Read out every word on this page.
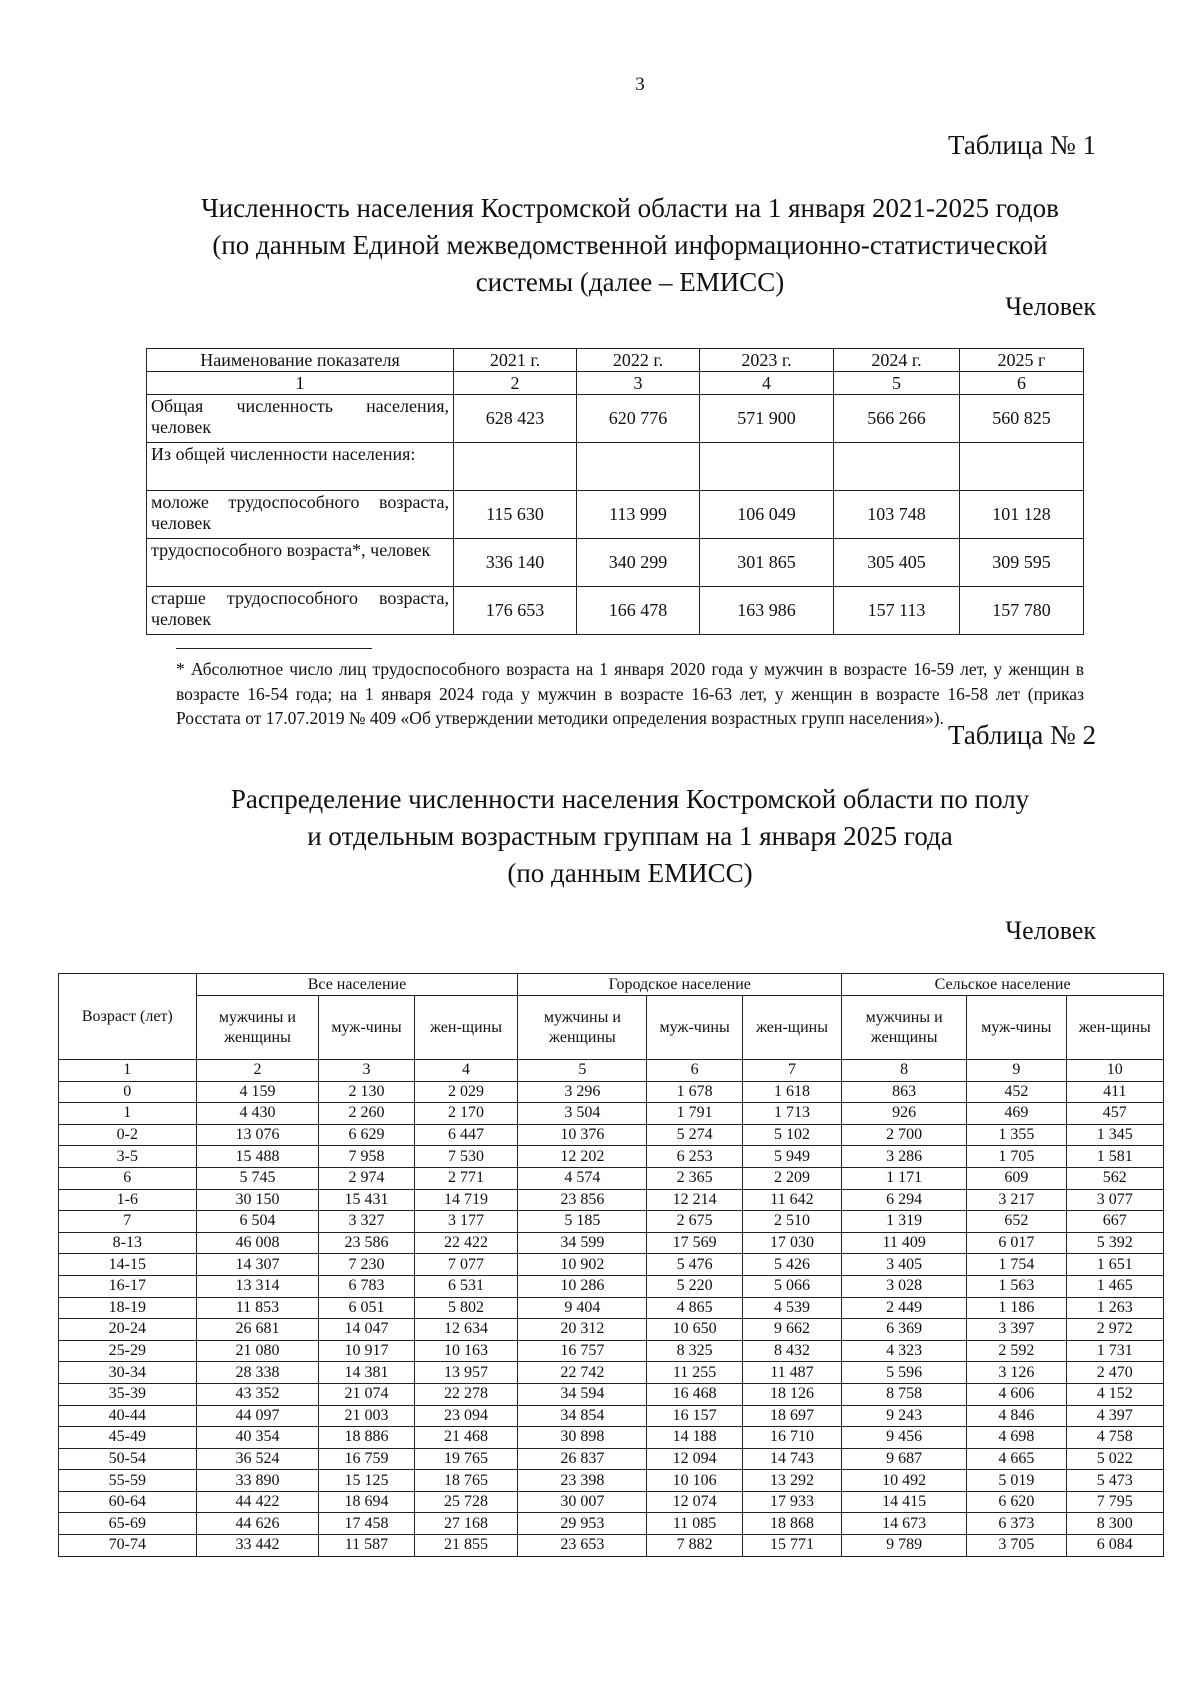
3
Таблица № 1
Численность населения Костромской области на 1 января 2021-2025 годов
(по данным Единой межведомственной информационно-статистической
системы (далее – ЕМИСС)
Человек
Наименование показателя	2021 г.	2022 г.	2023 г.	2024 г.	2025 г
1	2	3	4	5	6
Общая численность населения, человек	628 423	620 776	571 900	566 266	560 825
Из общей численности населения:					
моложе трудоспособного возраста, человек	115 630	113 999	106 049	103 748	101 128
трудоспособного возраста*, человек	336 140	340 299	301 865	305 405	309 595
старше трудоспособного возраста, человек	176 653	166 478	163 986	157 113	157 780
* Абсолютное число лиц трудоспособного возраста на 1 января 2020 года у мужчин в возрасте 16-59 лет, у женщин в возрасте 16-54 года; на 1 января 2024 года у мужчин в возрасте 16-63 лет, у женщин в возрасте 16-58 лет (приказ Росстата от 17.07.2019 № 409 «Об утверждении методики определения возрастных групп населения»).
Таблица № 2
Распределение численности населения Костромской области по полу
и отдельным возрастным группам на 1 января 2025 года
(по данным ЕМИСС)
Человек
Возраст (лет)	Все население			Городское население			Сельское население		
	мужчины и женщины	муж-чины	жен-щины	мужчины и женщины	муж-чины	жен-щины	мужчины и женщины	муж-чины	жен-щины
1	2	3	4	5	6	7	8	9	10
0	4 159	2 130	2 029	3 296	1 678	1 618	863	452	411
1	4 430	2 260	2 170	3 504	1 791	1 713	926	469	457
0-2	13 076	6 629	6 447	10 376	5 274	5 102	2 700	1 355	1 345
3-5	15 488	7 958	7 530	12 202	6 253	5 949	3 286	1 705	1 581
6	5 745	2 974	2 771	4 574	2 365	2 209	1 171	609	562
1-6	30 150	15 431	14 719	23 856	12 214	11 642	6 294	3 217	3 077
7	6 504	3 327	3 177	5 185	2 675	2 510	1 319	652	667
8-13	46 008	23 586	22 422	34 599	17 569	17 030	11 409	6 017	5 392
14-15	14 307	7 230	7 077	10 902	5 476	5 426	3 405	1 754	1 651
16-17	13 314	6 783	6 531	10 286	5 220	5 066	3 028	1 563	1 465
18-19	11 853	6 051	5 802	9 404	4 865	4 539	2 449	1 186	1 263
20-24	26 681	14 047	12 634	20 312	10 650	9 662	6 369	3 397	2 972
25-29	21 080	10 917	10 163	16 757	8 325	8 432	4 323	2 592	1 731
30-34	28 338	14 381	13 957	22 742	11 255	11 487	5 596	3 126	2 470
35-39	43 352	21 074	22 278	34 594	16 468	18 126	8 758	4 606	4 152
40-44	44 097	21 003	23 094	34 854	16 157	18 697	9 243	4 846	4 397
45-49	40 354	18 886	21 468	30 898	14 188	16 710	9 456	4 698	4 758
50-54	36 524	16 759	19 765	26 837	12 094	14 743	9 687	4 665	5 022
55-59	33 890	15 125	18 765	23 398	10 106	13 292	10 492	5 019	5 473
60-64	44 422	18 694	25 728	30 007	12 074	17 933	14 415	6 620	7 795
65-69	44 626	17 458	27 168	29 953	11 085	18 868	14 673	6 373	8 300
70-74	33 442	11 587	21 855	23 653	7 882	15 771	9 789	3 705	6 084
